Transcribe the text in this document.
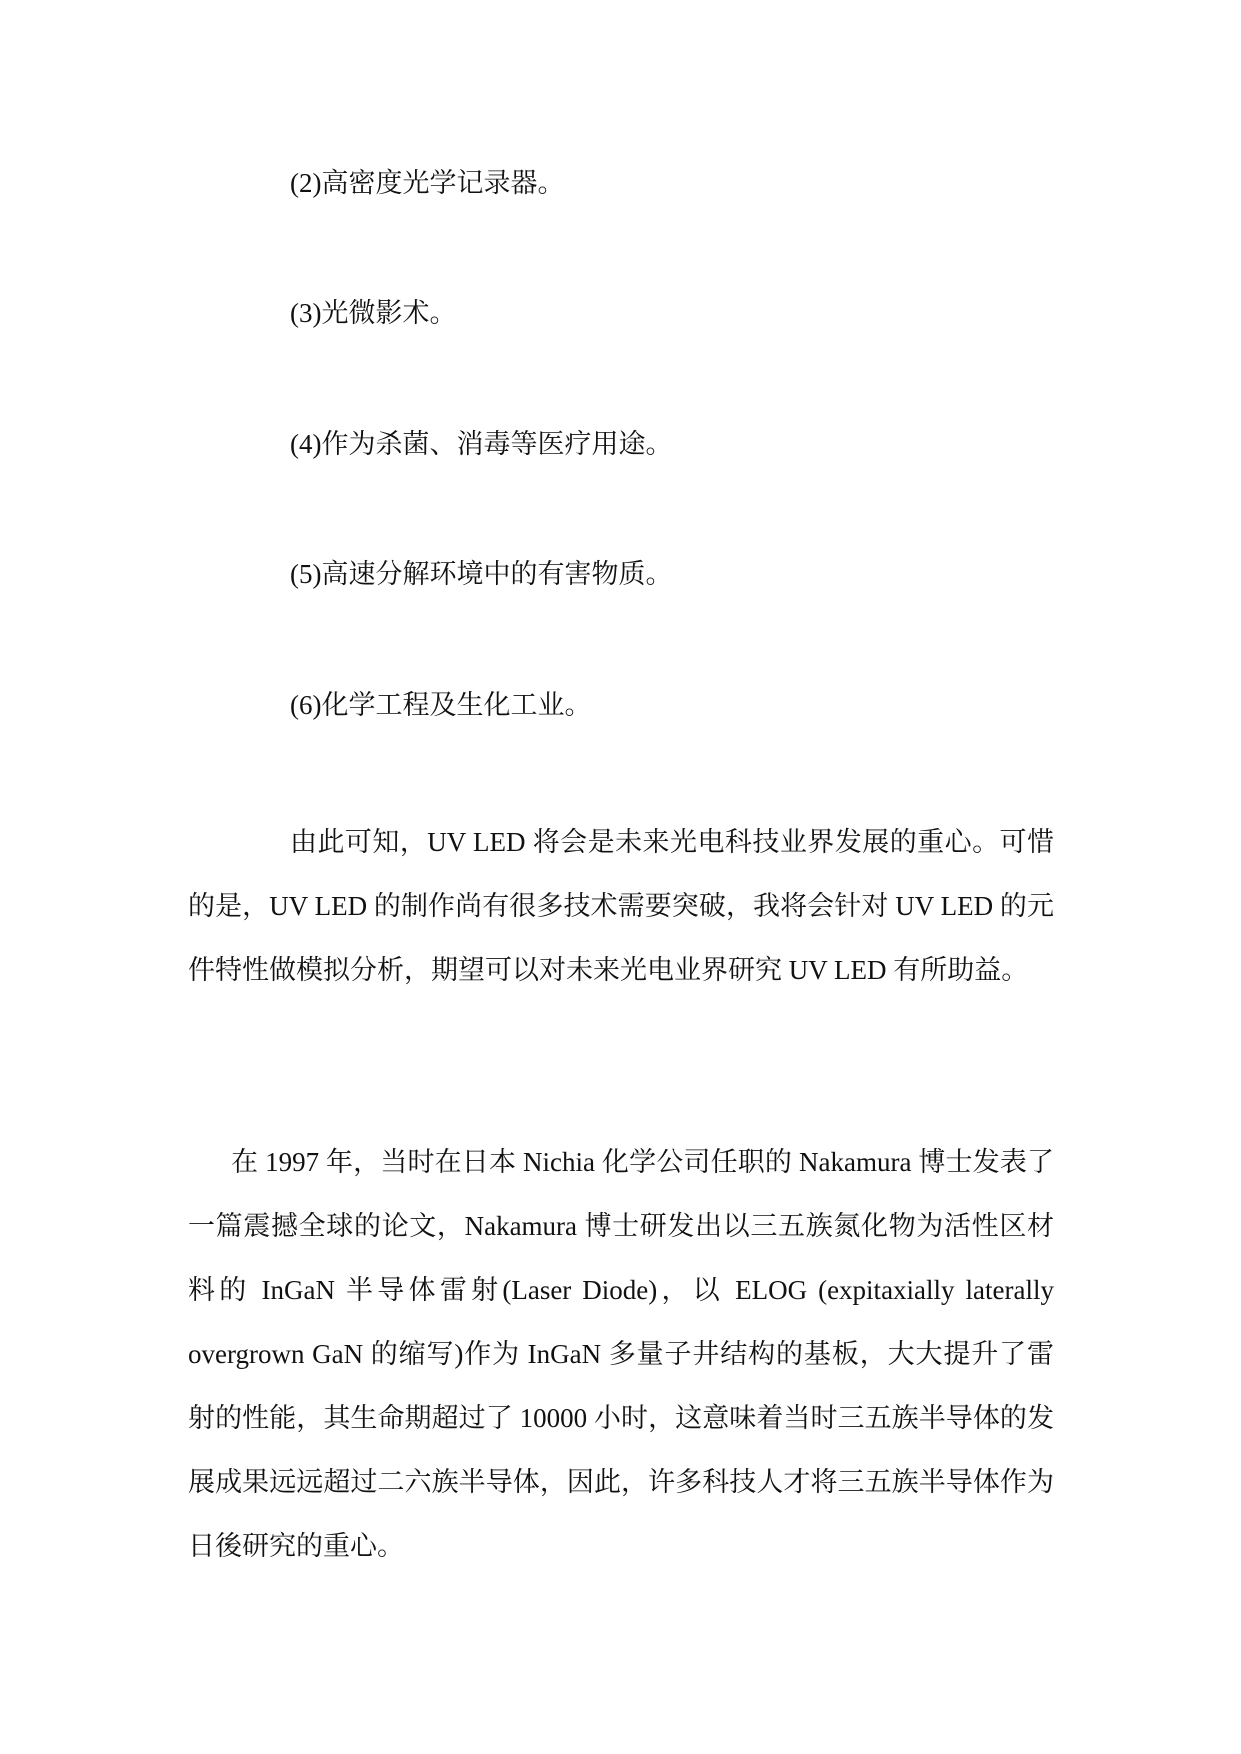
(2)高密度光学记录器。
(3)光微影术。
(4)作为杀菌、消毒等医疗用途。
(5)高速分解环境中的有害物质。
(6)化学工程及生化工业。

由此可知，UV LED 将会是未来光电科技业界发展的重心。可惜的是，UV LED 的制作尚有很多技术需要突破，我将会针对 UV LED 的元件特性做模拟分析，期望可以对未来光电业界研究 UV LED 有所助益。

在 1997 年，当时在日本 Nichia 化学公司任职的 Nakamura 博士发表了一篇震撼全球的论文，Nakamura 博士研发出以三五族氮化物为活性区材料的 InGaN 半导体雷射(Laser Diode)，以 ELOG (expitaxially laterally overgrown GaN 的缩写)作为 InGaN 多量子井结构的基板，大大提升了雷射的性能，其生命期超过了 10000 小时，这意味着当时三五族半导体的发展成果远远超过二六族半导体，因此，许多科技人才将三五族半导体作为日後研究的重心。
